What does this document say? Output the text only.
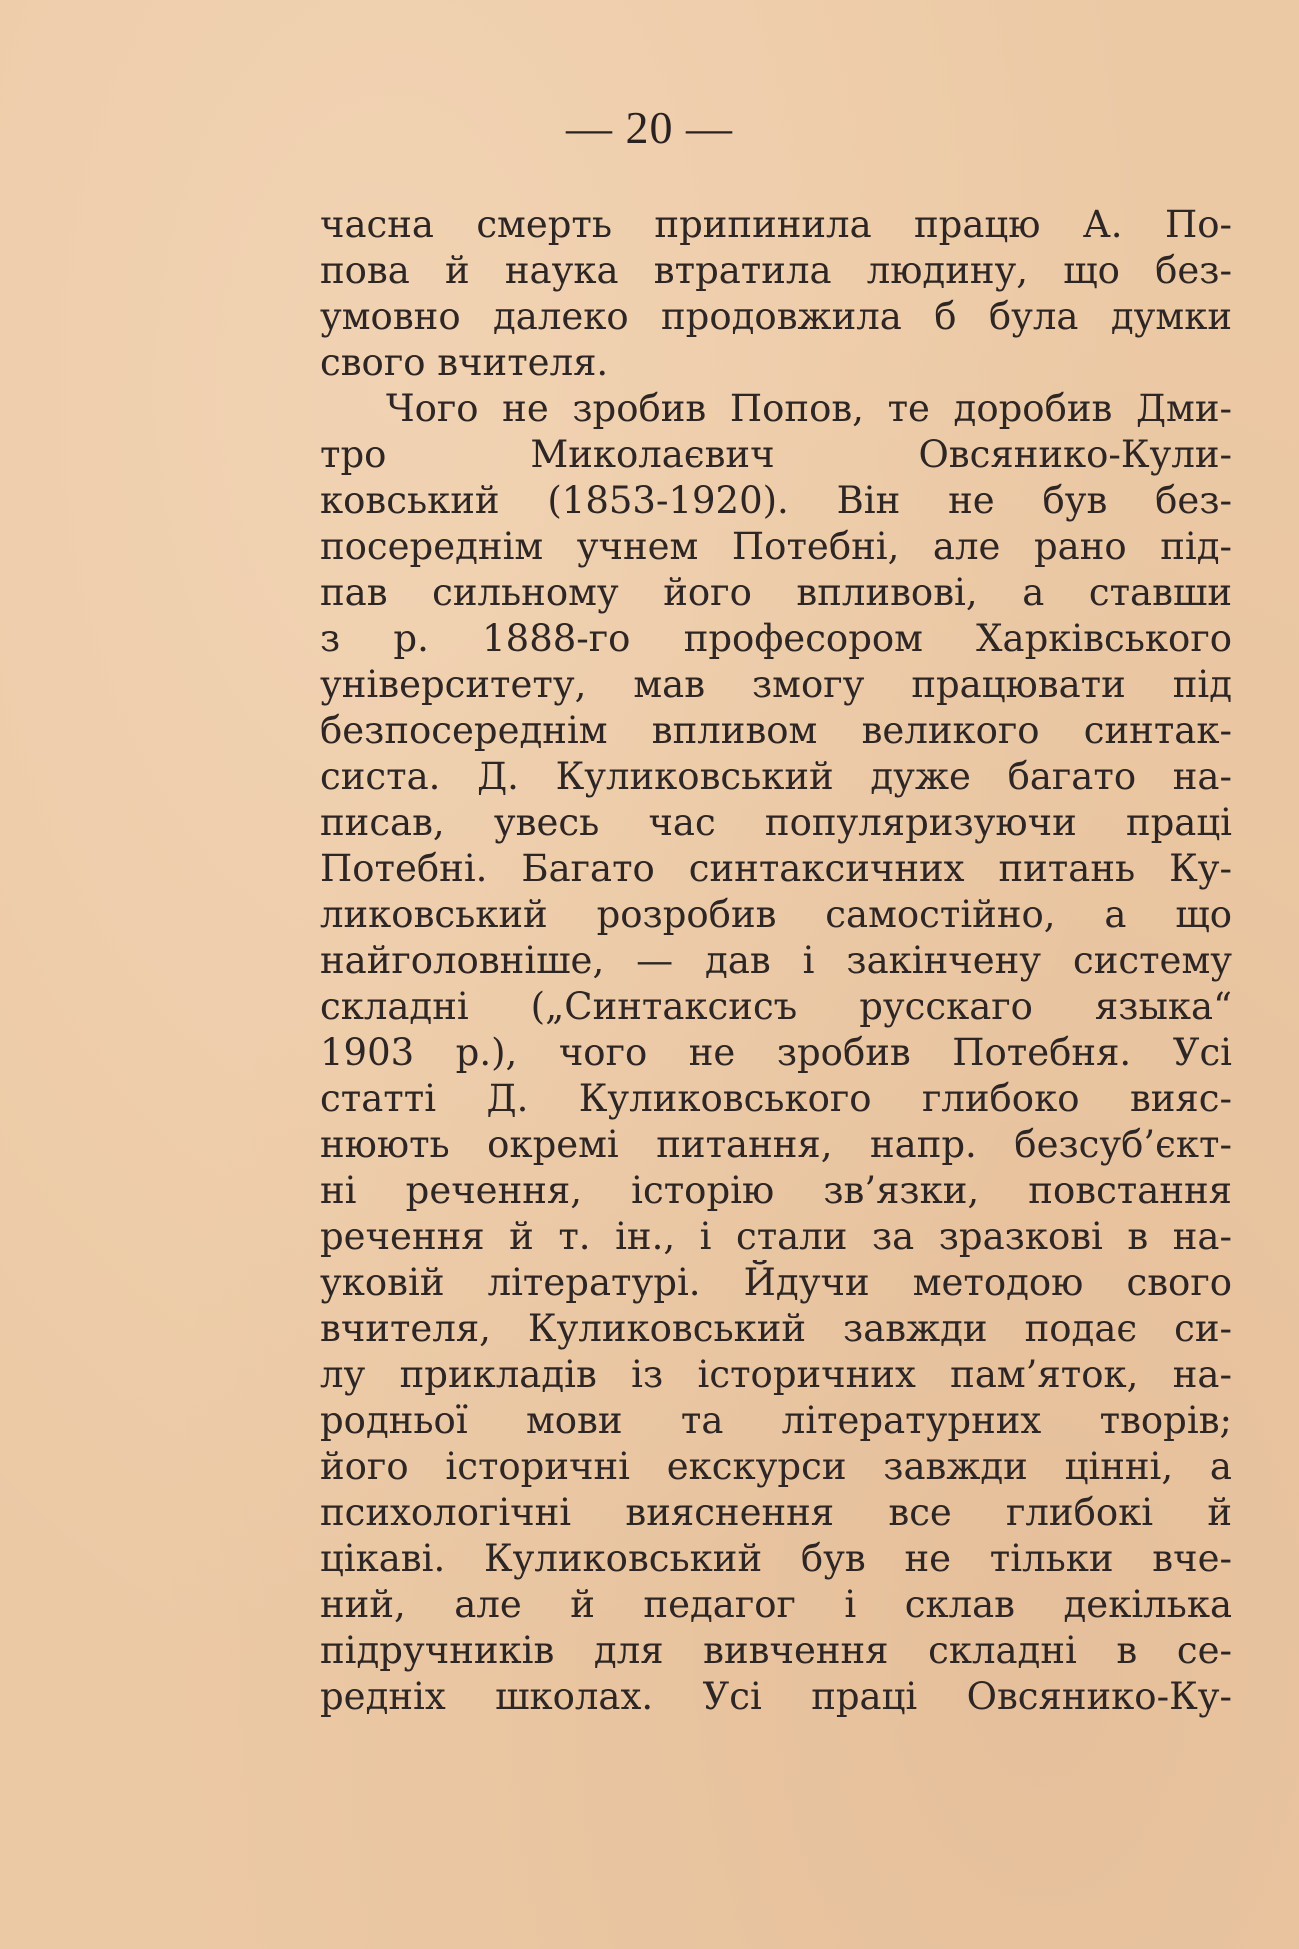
— 20 —
часна смерть припинила працю А. По-
пова й наука втратила людину, що без-
умовно далеко продовжила б була думки
свого вчителя.
Чого не зробив Попов, те доробив Дми-
тро Миколаєвич Овсянико-Кули-
ковський (1853-1920). Він не був без-
посереднім учнем Потебні, але рано під-
пав сильному його впливові, а ставши
з р. 1888-го професором Харківського
університету, мав змогу працювати під
безпосереднім впливом великого синтак-
систа. Д. Куликовський дуже багато на-
писав, увесь час популяризуючи праці
Потебні. Багато синтаксичних питань Ку-
ликовський розробив самостійно, а що
найголовніше, — дав і закінчену систему
складні („Синтаксисъ русскаго языка“
1903 р.), чого не зробив Потебня. Усі
статті Д. Куликовського глибоко вияс-
нюють окремі питання, напр. безсуб’єкт-
ні речення, історію зв’язки, повстання
речення й т. ін., і стали за зразкові в на-
уковій літературі. Йдучи методою свого
вчителя, Куликовський завжди подає си-
лу прикладів із історичних пам’яток, на-
родньої мови та літературних творів;
його історичні екскурси завжди цінні, а
психологічні вияснення все глибокі й
цікаві. Куликовський був не тільки вче-
ний, але й педагог і склав декілька
підручників для вивчення складні в се-
редніх школах. Усі праці Овсянико-Ку-
